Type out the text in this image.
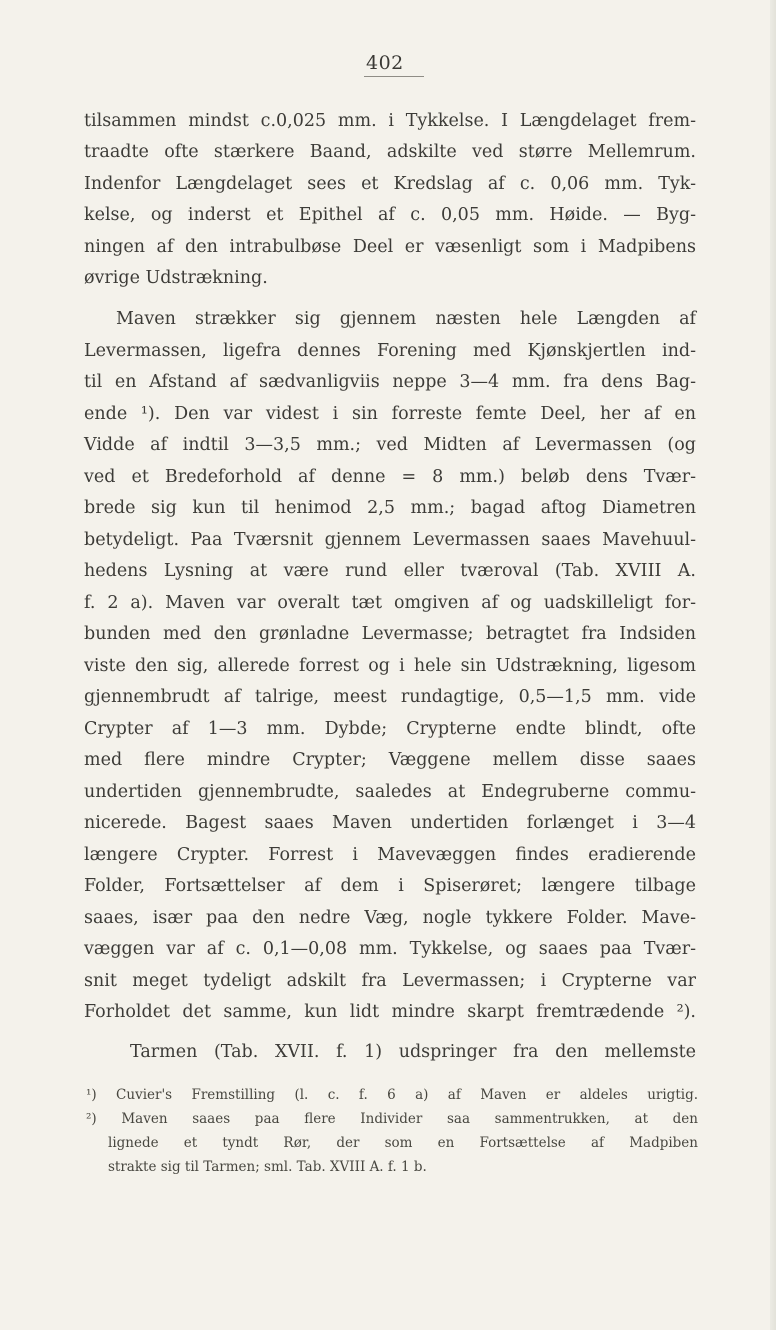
402
tilsammen mindst c.0,025 mm. i Tykkelse. I Længdelaget frem-
traadte ofte stærkere Baand, adskilte ved større Mellemrum.
Indenfor Længdelaget sees et Kredslag af c. 0,06 mm. Tyk-
kelse, og inderst et Epithel af c. 0,05 mm. Høide. — Byg-
ningen af den intrabulbøse Deel er væsenligt som i Madpibens
øvrige Udstrækning.
Maven strækker sig gjennem næsten hele Længden af
Levermassen, ligefra dennes Forening med Kjønskjertlen ind-
til en Afstand af sædvanligviis neppe 3—4 mm. fra dens Bag-
ende ¹). Den var videst i sin forreste femte Deel, her af en
Vidde af indtil 3—3,5 mm.; ved Midten af Levermassen (og
ved et Bredeforhold af denne = 8 mm.) beløb dens Tvær-
brede sig kun til henimod 2,5 mm.; bagad aftog Diametren
betydeligt. Paa Tværsnit gjennem Levermassen saaes Mavehuul-
hedens Lysning at være rund eller tværoval (Tab. XVIII A.
f. 2 a). Maven var overalt tæt omgiven af og uadskilleligt for-
bunden med den grønladne Levermasse; betragtet fra Indsiden
viste den sig, allerede forrest og i hele sin Udstrækning, ligesom
gjennembrudt af talrige, meest rundagtige, 0,5—1,5 mm. vide
Crypter af 1—3 mm. Dybde; Crypterne endte blindt, ofte
med flere mindre Crypter; Væggene mellem disse saaes
undertiden gjennembrudte, saaledes at Endegruberne commu-
nicerede. Bagest saaes Maven undertiden forlænget i 3—4
længere Crypter. Forrest i Mavevæggen findes eradierende
Folder, Fortsættelser af dem i Spiserøret; længere tilbage
saaes, især paa den nedre Væg, nogle tykkere Folder. Mave-
væggen var af c. 0,1—0,08 mm. Tykkelse, og saaes paa Tvær-
snit meget tydeligt adskilt fra Levermassen; i Crypterne var
Forholdet det samme, kun lidt mindre skarpt fremtrædende ²).
Tarmen (Tab. XVII. f. 1) udspringer fra den mellemste
¹) Cuvier's Fremstilling (l. c. f. 6 a) af Maven er aldeles urigtig.
²) Maven saaes paa flere Individer saa sammentrukken, at den
lignede et tyndt Rør, der som en Fortsættelse af Madpiben
strakte sig til Tarmen; sml. Tab. XVIII A. f. 1 b.
